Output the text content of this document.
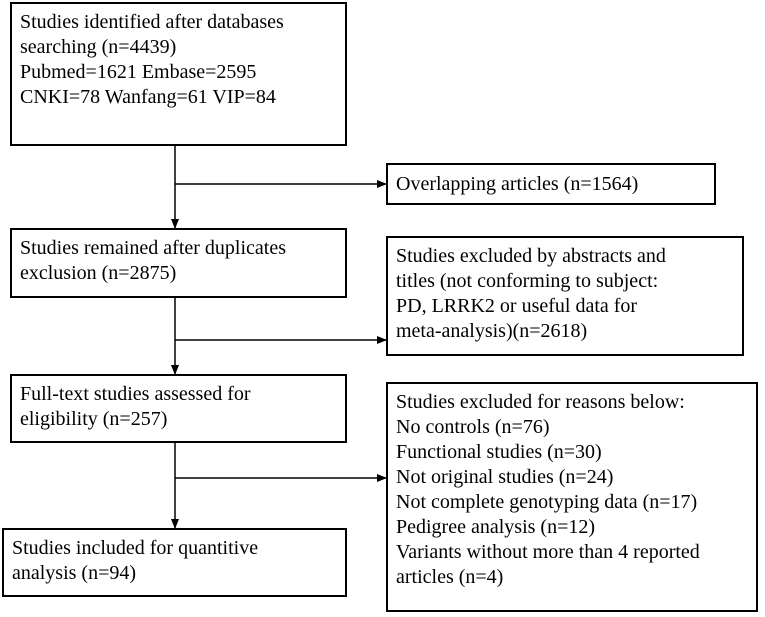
Studies identified after databases
searching (n=4439)
Pubmed=1621 Embase=2595
CNKI=78 Wanfang=61 VIP=84
Overlapping articles (n=1564)
Studies remained after duplicates
exclusion (n=2875)
Studies excluded by abstracts and
titles (not conforming to subject:
PD, LRRK2 or useful data for
meta-analysis)(n=2618)
Full-text studies assessed for
eligibility (n=257)
Studies excluded for reasons below:
No controls (n=76)
Functional studies (n=30)
Not original studies (n=24)
Not complete genotyping data (n=17)
Pedigree analysis (n=12)
Variants without more than 4 reported
articles (n=4)
Studies included for quantitive
analysis (n=94)
